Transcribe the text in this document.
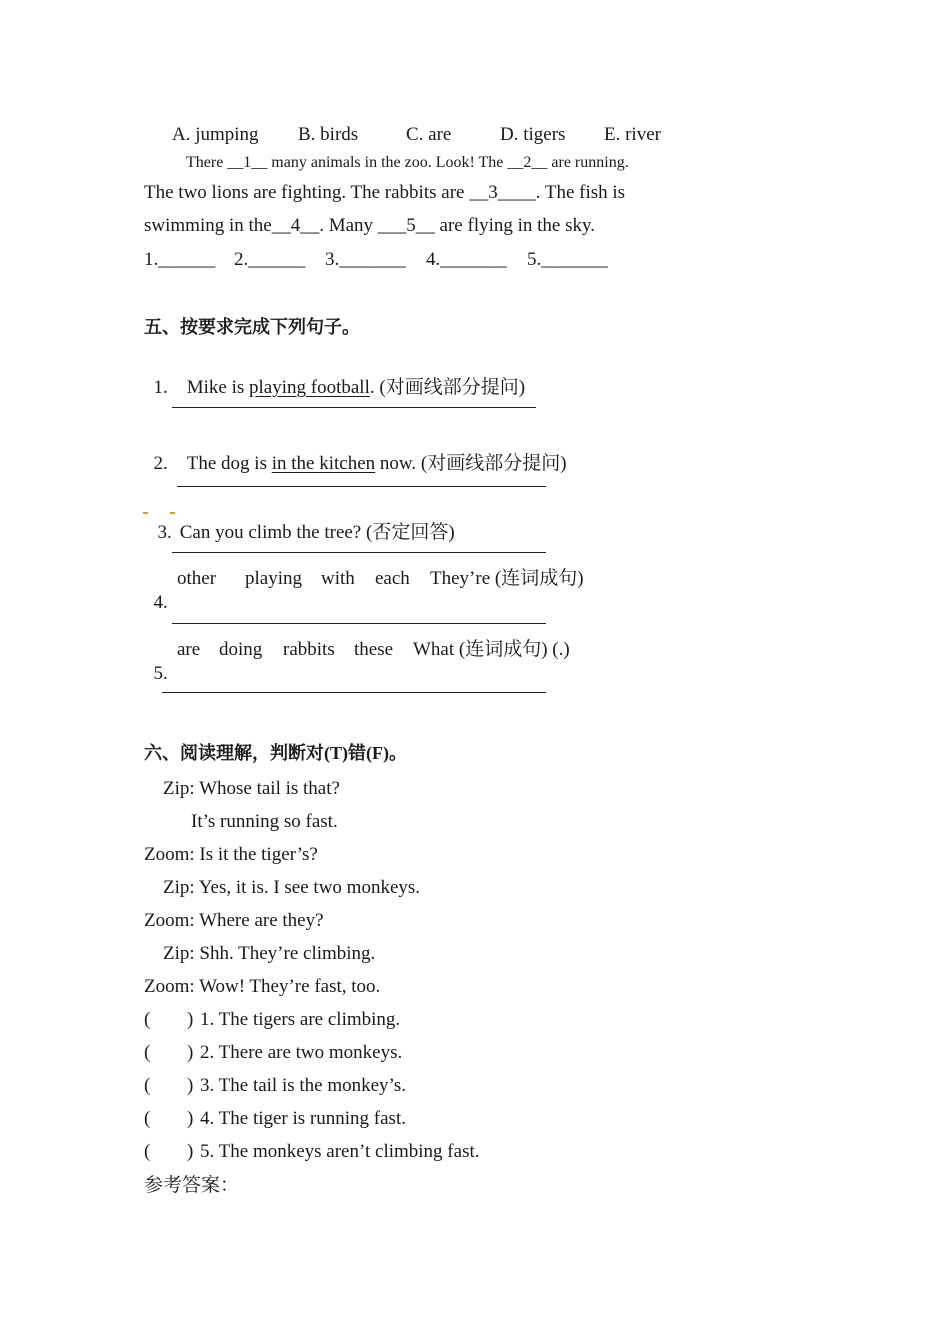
A. jumping B. birds	C. are	D. tigers E. river
There __1__ many animals in the zoo. Look! The __2__ are running.
The two lions are fighting. The rabbits are __3____. The fish is
swimming in the__4__. Many ___5__ are flying in the sky.
1.______ 2.______ 3._______ 4._______ 5._______
五、按要求完成下列句子。

1. Mike is playing football. (对画线部分提问)

2. The dog is in the kitchen now. (对画线部分提问)

3. Can you climb the tree? (否定回答)

4.

other playing with each They’re (连词成句)

5.

are doing rabbits these What (连词成句) (.)
六、阅读理解，判断对(T)错(F)。
Zip: Whose tail is that?
It’s running so fast.
Zoom: Is it the tiger’s?
Zip: Yes, it is. I see two monkeys.
Zoom: Where are they?
Zip: Shh. They’re climbing.
Zoom: Wow! They’re fast, too.
( ) 1. The tigers are climbing.
( ) 2. There are two monkeys.
( ) 3. The tail is the monkey’s.
( ) 4. The tiger is running fast.
( ) 5. The monkeys aren’t climbing fast.
参考答案：
